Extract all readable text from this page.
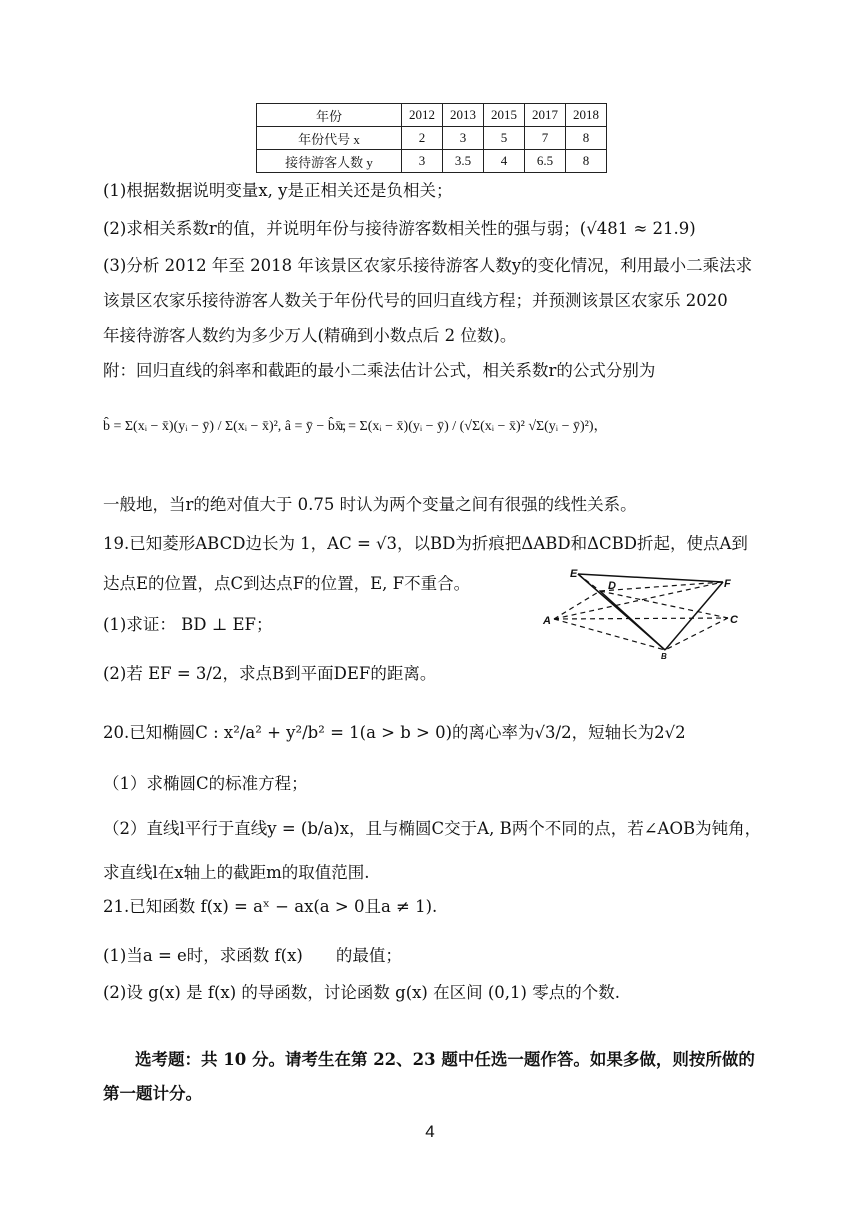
年份	2012	2013	2015	2017	2018
年份代号 x	2	3	5	7	8
接待游客人数 y	3	3.5	4	6.5	8
(1)根据数据说明变量x, y是正相关还是负相关；
(2)求相关系数r的值，并说明年份与接待游客数相关性的强与弱；(√481 ≈ 21.9)
(3)分析 2012 年至 2018 年该景区农家乐接待游客人数y的变化情况，利用最小二乘法求
该景区农家乐接待游客人数关于年份代号的回归直线方程；并预测该景区农家乐 2020
年接待游客人数约为多少万人(精确到小数点后 2 位数)。
附：回归直线的斜率和截距的最小二乘法估计公式，相关系数r的公式分别为
b̂ = Σ(xᵢ − x̄)(yᵢ − ȳ) / Σ(xᵢ − x̄)², â = ȳ − b̂x̄，
r = Σ(xᵢ − x̄)(yᵢ − ȳ) / (√Σ(xᵢ − x̄)² √Σ(yᵢ − ȳ)²)，
一般地，当r的绝对值大于 0.75 时认为两个变量之间有很强的线性关系。
19.已知菱形ABCD边长为 1，AC = √3，以BD为折痕把ΔABD和ΔCBD折起，使点A到
达点E的位置，点C到达点F的位置，E, F不重合。
(1)求证： BD ⊥ EF；
(2)若 EF = 3/2，求点B到平面DEF的距离。
E
D	F
A	C
B
20.已知椭圆C : x²/a² + y²/b² = 1(a > b > 0)的离心率为√3/2，短轴长为2√2
（1）求椭圆C的标准方程；
（2）直线l平行于直线y = (b/a)x，且与椭圆C交于A, B两个不同的点，若∠AOB为钝角，
求直线l在x轴上的截距m的取值范围.
21.已知函数 f(x) = aˣ − ax(a > 0且a ≠ 1).
(1)当a = e时，求函数 f(x)　　的最值；
(2)设 g(x) 是 f(x) 的导函数，讨论函数 g(x) 在区间 (0,1) 零点的个数.
选考题：共 10 分。请考生在第 22、23 题中任选一题作答。如果多做，则按所做的
第一题计分。
4
